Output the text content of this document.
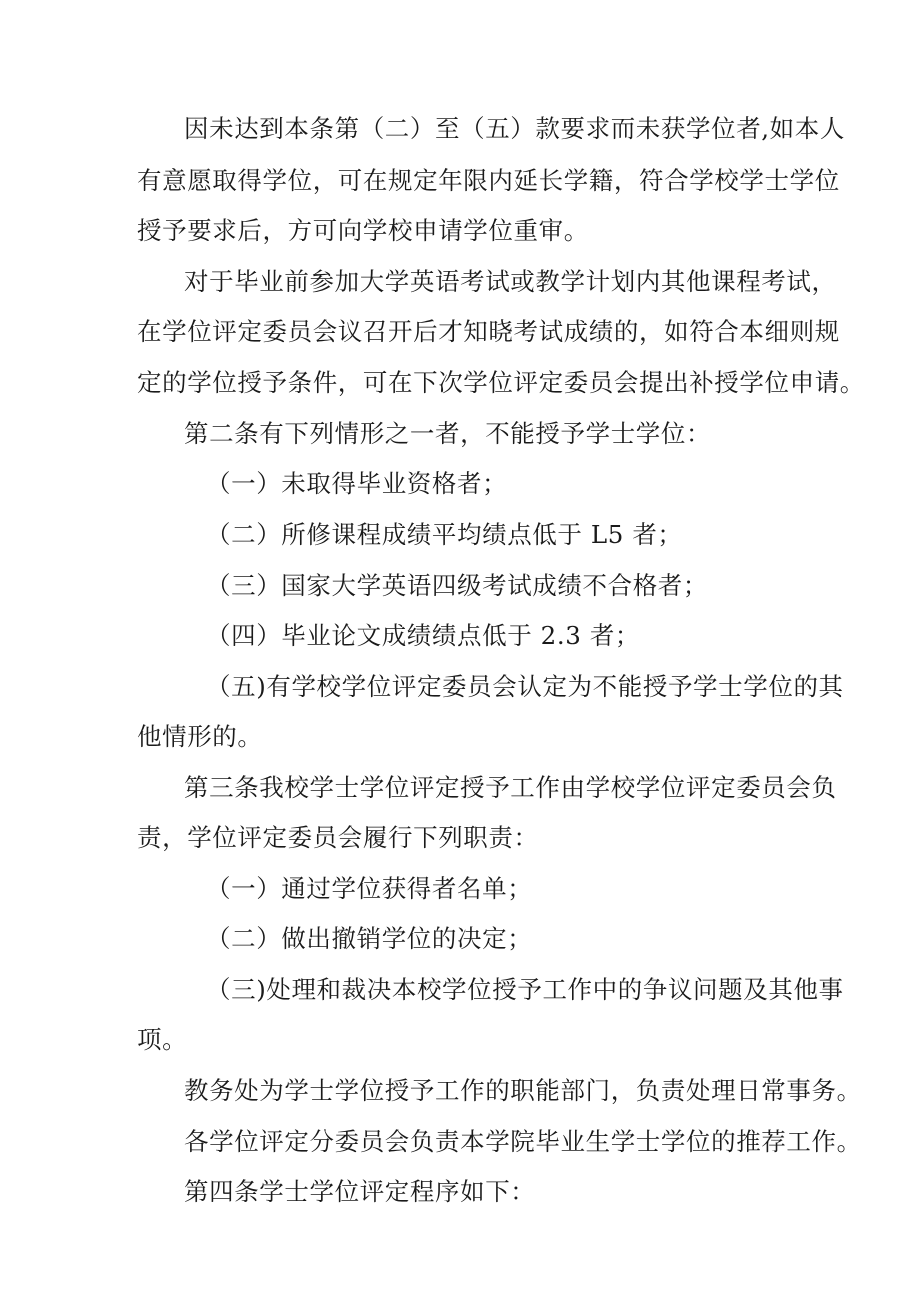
因未达到本条第（二）至（五）款要求而未获学位者,如本人
有意愿取得学位，可在规定年限内延长学籍，符合学校学士学位
授予要求后，方可向学校申请学位重审。
对于毕业前参加大学英语考试或教学计划内其他课程考试，
在学位评定委员会议召开后才知晓考试成绩的，如符合本细则规
定的学位授予条件，可在下次学位评定委员会提出补授学位申请。
第二条有下列情形之一者，不能授予学士学位：
（一）未取得毕业资格者；
（二）所修课程成绩平均绩点低于 L5 者；
（三）国家大学英语四级考试成绩不合格者；
（四）毕业论文成绩绩点低于 2.3 者；
（五)有学校学位评定委员会认定为不能授予学士学位的其
他情形的。
第三条我校学士学位评定授予工作由学校学位评定委员会负
责，学位评定委员会履行下列职责：
（一）通过学位获得者名单；
（二）做出撤销学位的决定；
（三)处理和裁决本校学位授予工作中的争议问题及其他事
项。
教务处为学士学位授予工作的职能部门，负责处理日常事务。
各学位评定分委员会负责本学院毕业生学士学位的推荐工作。
第四条学士学位评定程序如下：
